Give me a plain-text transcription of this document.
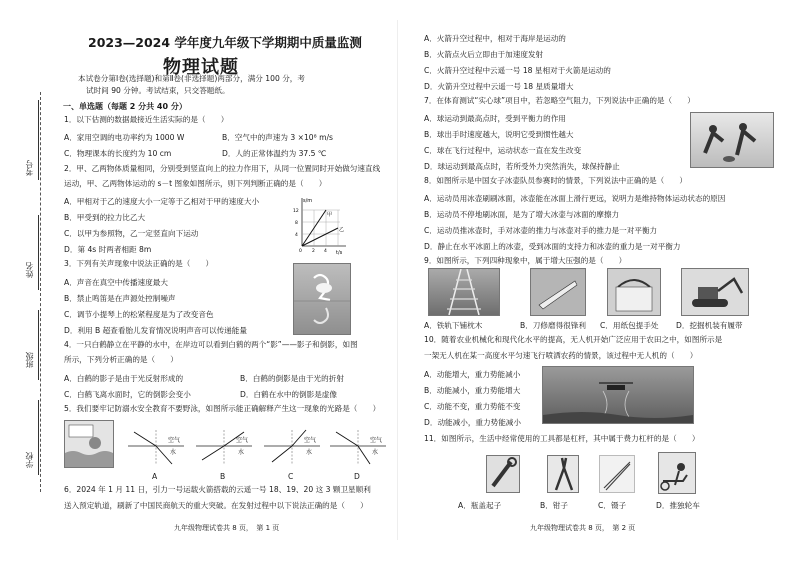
考号
姓名
班级
学校
2023—2024 学年度九年级下学期期中质量监测
物理试题
本试卷分第Ⅰ卷(选择题)和第Ⅱ卷(非选择题)两部分，满分 100 分，考
试时间 90 分钟。考试结束，只交答题纸。
一、单选题（每题 2 分共 40 分）
1．以下估测的数据最接近生活实际的是（　　）
A．家用空调的电功率约为 1000 W	B．空气中的声速为 3 ×10⁸ m/s
C．物理课本的长度约为 10 cm	D．人的正常体温约为 37.5 ℃
2．甲、乙两物体质量相同，分别受到竖直向上的拉力作用下，从同一位置同时开始做匀速直线
运动，甲、乙两物体运动的 s－t 图象如图所示，则下列判断正确的是（　　）
A．甲相对于乙的速度大小一定等于乙相对于甲的速度大小
B．甲受到的拉力比乙大
C．以甲为参照物，乙一定竖直向下运动
D．第 4s 时两者相距 8m
s/m
t/s
甲
乙
12
8
4
0 2 4
3．下列有关声现象中说法正确的是（　　）
A．声音在真空中传播速度最大
B．禁止鸣笛是在声源处控制噪声
C．调节小提琴上的松紧程度是为了改变音色
D．利用 B 超查看胎儿发育情况说明声音可以传递能量
4．一只白鹤静立在平静的水中，在岸边可以看到白鹤的两个“影”——影子和倒影，如图
所示，下列分析正确的是（　　）
A．白鹤的影子是由于光反射形成的	B．白鹤的倒影是由于光的折射
C．白鹤飞离水面时，它的倒影会变小	D．白鹤在水中的倒影是虚像
5．我们要牢记防溺水安全教育不要野泳，如图所示能正确解释产生这一现象的光路是（　　）
空气
水
空气
水
空气
水
空气
水
A	B	C	D
6．2024 年 1 月 11 日，引力一号运载火箭搭载的云遥一号 18、19、20 这 3 颗卫星顺利
送入预定轨道，刷新了中国民商航天的重大突破。在发射过程中以下说法正确的是（　　）
九年级物理试卷共 8 页，　第 1 页
A．火箭升空过程中，相对于海岸是运动的
B．火箭点火后立即由于加速度发射
C．火箭升空过程中云遥一号 18 星相对于火箭是运动的
D．火箭升空过程中云遥一号 18 星质量增大
7．在体育测试“实心球”项目中，若忽略空气阻力，下列说法中正确的是（　　）
A．球运动到最高点时，受到平衡力的作用
B．球出手时速度越大，说明它受到惯性越大
C．球在飞行过程中，运动状态一直在发生改变
D．球运动到最高点时，若所受外力突然消失，球保持静止
8．如图所示是中国女子冰壶队员参赛时的情景，下列说法中正确的是（　　）
A．运动员用冰壶刷刷冰面，冰壶能在冰面上滑行更远，说明力是维持物体运动状态的原因
B．运动员不停地刷冰面，是为了增大冰壶与冰面的摩擦力
C．运动员推冰壶时，手对冰壶的推力与冰壶对手的推力是一对平衡力
D．静止在水平冰面上的冰壶，受到冰面的支持力和冰壶的重力是一对平衡力
9．如图所示，下列四种现象中，属于增大压强的是（　　）
A．铁轨下铺枕木	B．刀修磨得很锋利 C．用纸包提手处 D．挖掘机装有履带
10．随着农业机械化和现代化水平的提高，无人机开始广泛应用于农田之中，如图所示是
一架无人机在某一高度水平匀速飞行喷洒农药的情景，该过程中无人机的（　　）
A．动能增大，重力势能减小
B．动能减小，重力势能增大
C．动能不变，重力势能不变
D．动能减小，重力势能减小
11．如图所示，生活中经常使用的工具都是杠杆，其中属于费力杠杆的是（　　）
A．瓶盖起子	B．钳子	C．镊子	D．推独轮车
九年级物理试卷共 8 页，　第 2 页
